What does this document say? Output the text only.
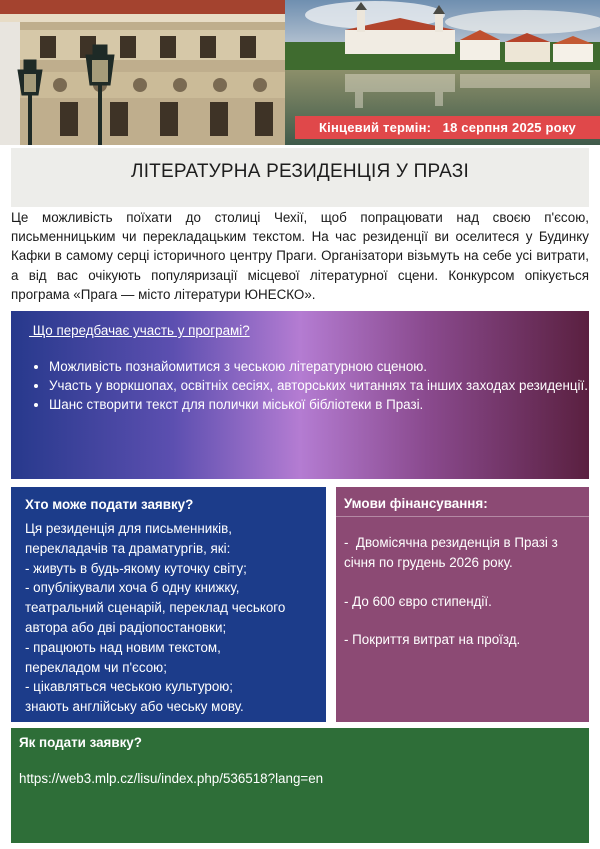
Кінцевий термін: 18 серпня 2025 року
ЛІТЕРАТУРНА РЕЗИДЕНЦІЯ У ПРАЗІ
Це можливість поїхати до столиці Чехії, щоб попрацювати над своєю п'єсою, письменницьким чи перекладацьким текстом. На час резиденції ви оселитеся у Будинку Кафки в самому серці історичного центру Праги. Організатори візьмуть на себе усі витрати, а від вас очікують популяризації місцевої літературної сцени. Конкурсом опікується програма «Прага — місто літератури ЮНЕСКО».
Що передбачає участь у програмі?
• Можливість познайомитися з чеською літературною сценою.
• Участь у воркшопах, освітніх сесіях, авторських читаннях та інших заходах резиденції.
• Шанс створити текст для полички міської бібліотеки в Празі.
Хто може подати заявку?
Ця резиденція для письменників,
перекладачів та драматургів, які:
- живуть в будь-якому куточку світу;
- опублікували хоча б одну книжку,
театральний сценарій, переклад чеського
автора або дві радіопостановки;
- працюють над новим текстом,
перекладом чи п'єсою;
- цікавляться чеською культурою;
знають англійську або чеську мову.
Умови фінансування:
-  Двомісячна резиденція в Празі з січня по грудень 2026 року.
- До 600 євро стипендії.
- Покриття витрат на проїзд.
Як подати заявку?
https://web3.mlp.cz/lisu/index.php/536518?lang=en
